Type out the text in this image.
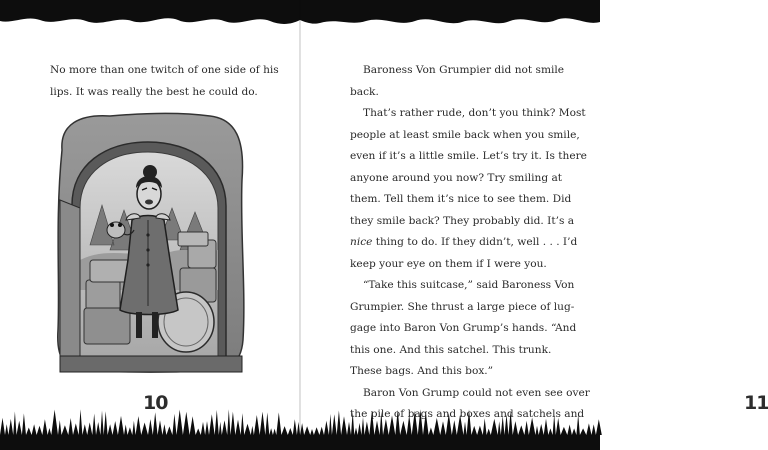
No more than one twitch of one side of his
lips. It was really the best he could do.
10	11
Baroness Von Grumpier did not smile
back.
That’s rather rude, don’t you think? Most
people at least smile back when you smile,
even if it’s a little smile. Let’s try it. Is there
anyone around you now? Try smiling at
them. Tell them it’s nice to see them. Did
they smile back? They probably did. It’s a
nice thing to do. If they didn’t, well . . . I’d
keep your eye on them if I were you.
“Take this suitcase,” said Baroness Von
Grumpier. She thrust a large piece of lug-
gage into Baron Von Grump’s hands. “And
this one. And this satchel. This trunk.
These bags. And this box.”
Baron Von Grump could not even see over
the pile of bags and boxes and satchels and
